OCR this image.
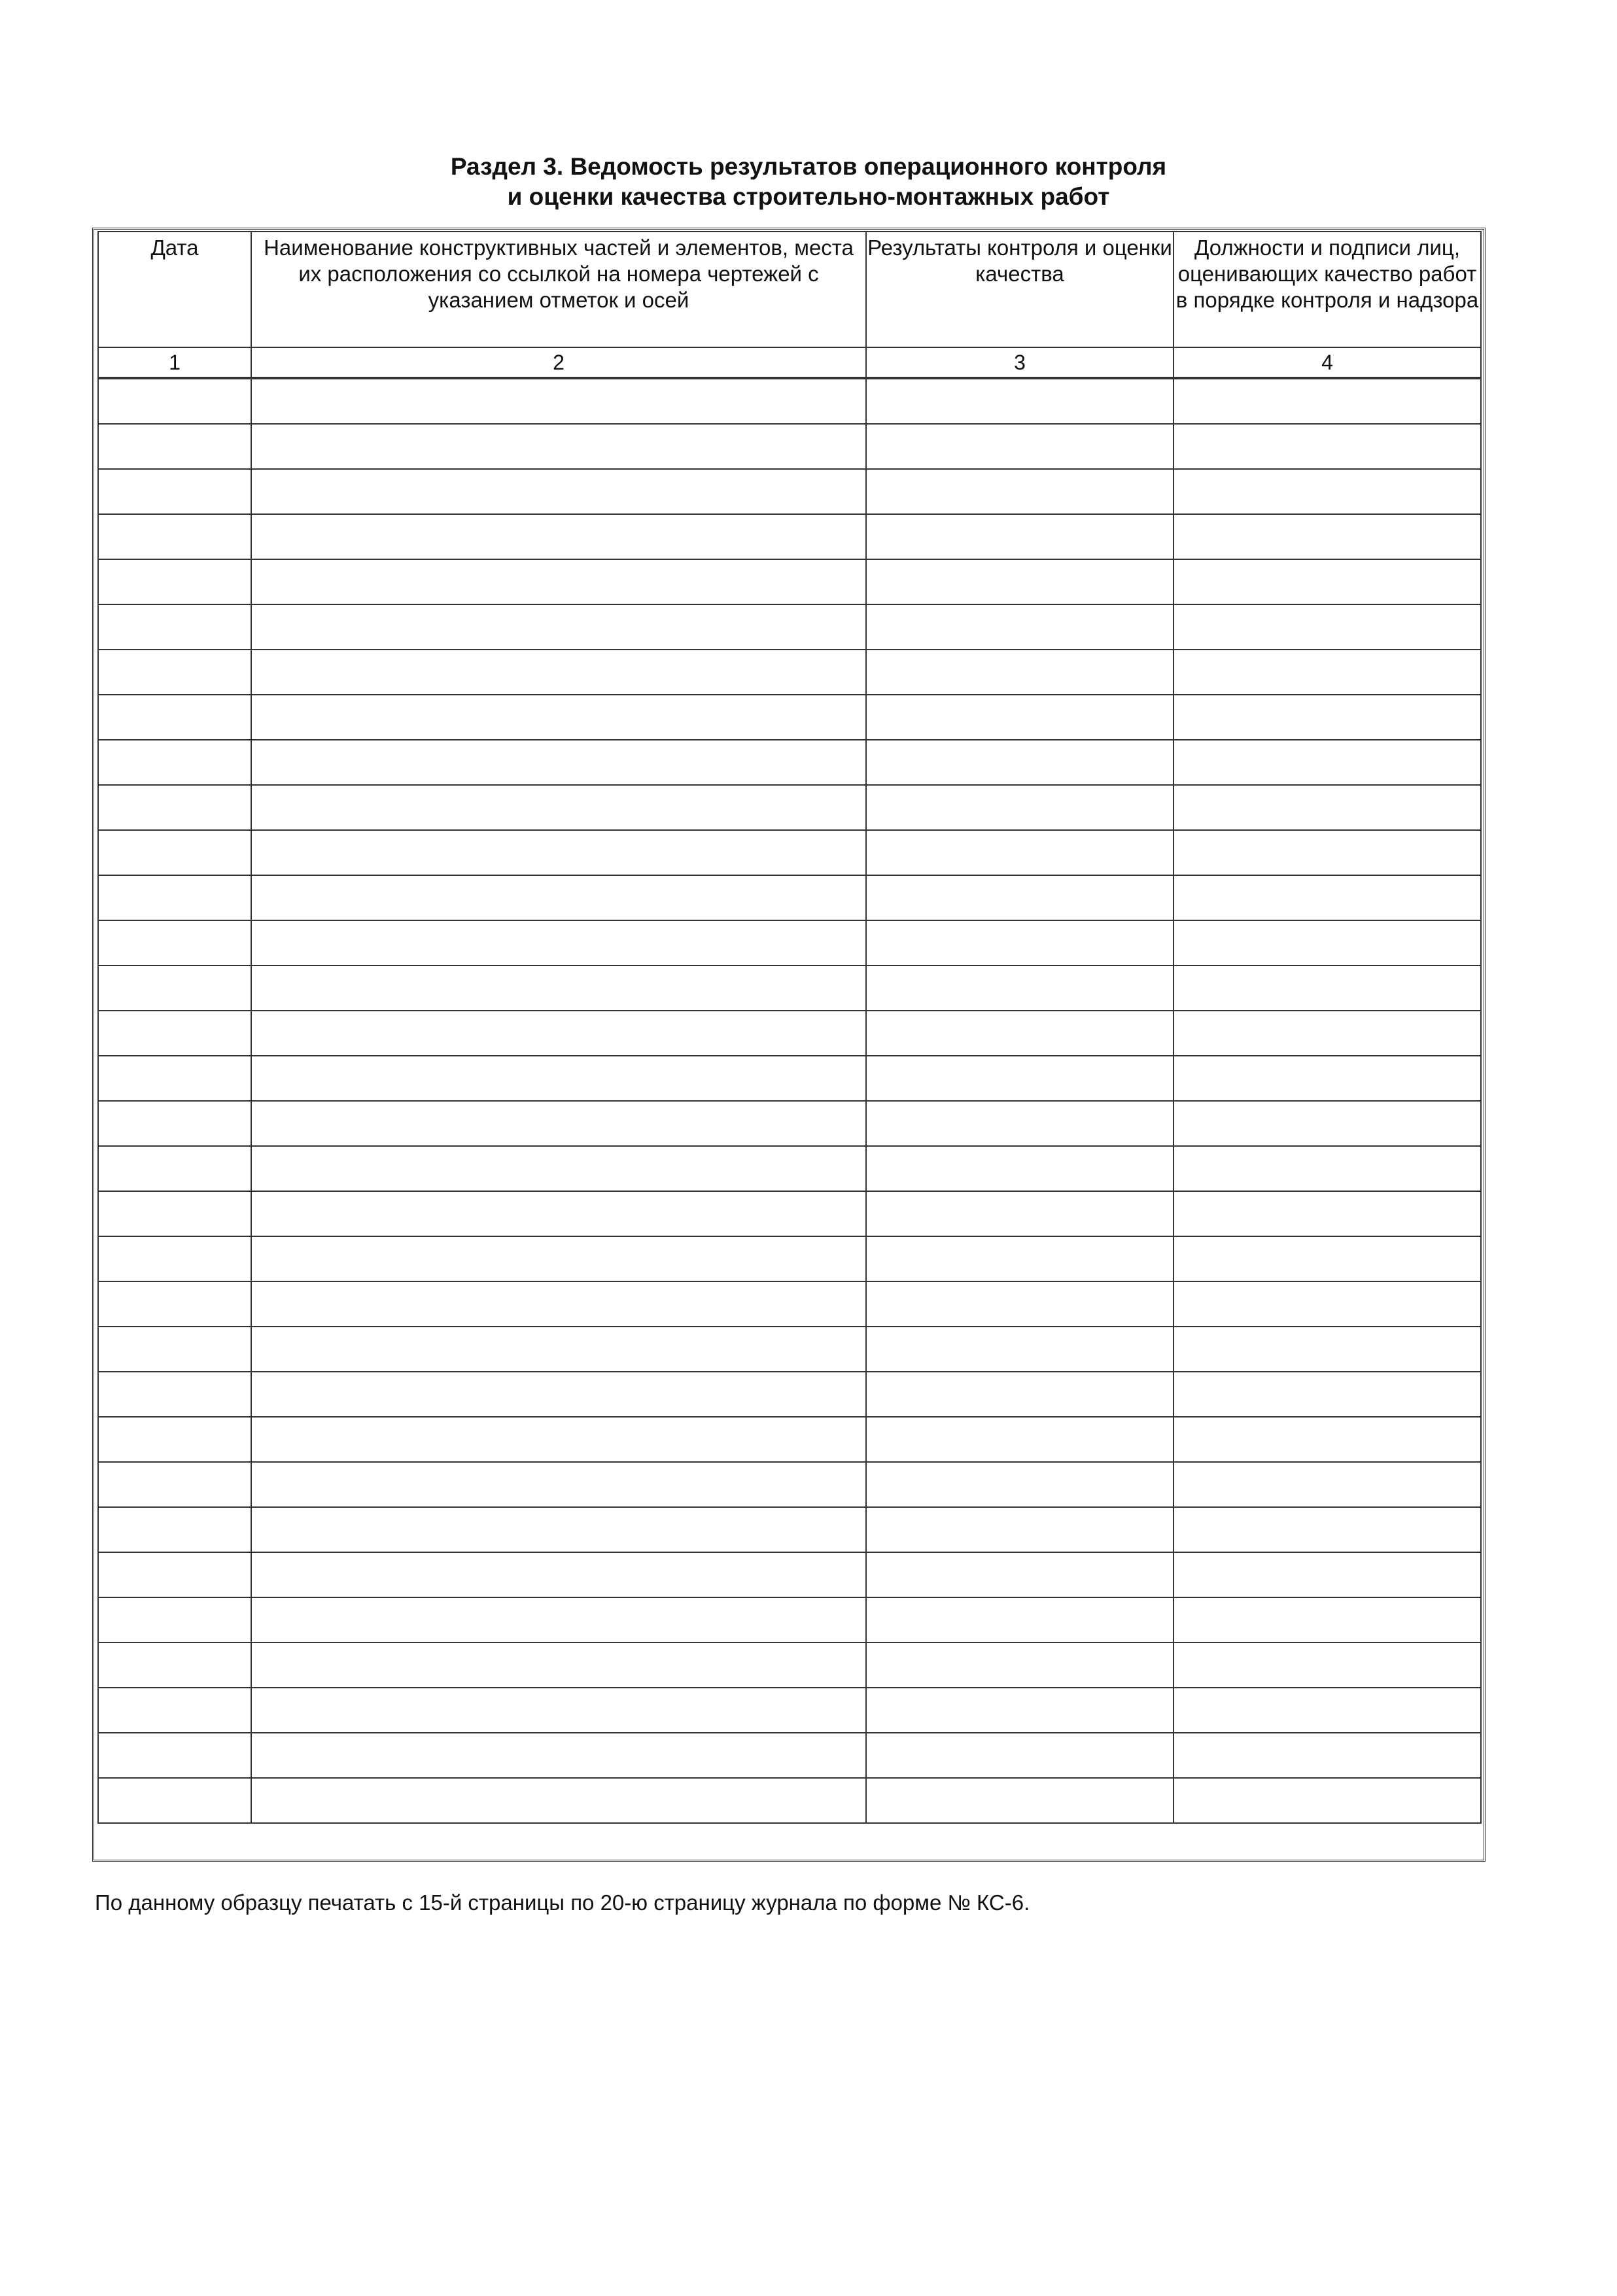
Раздел 3. Ведомость результатов операционного контроля
и оценки качества строительно-монтажных работ
Дата	Наименование конструктивных частей и элементов, места их расположения со ссылкой на номера чертежей с указанием отметок и осей	Результаты контроля и оценки качества	Должности и подписи лиц, оценивающих качество работ в порядке контроля и надзора
1	2	3	4

По данному образцу печатать с 15-й страницы по 20-ю страницу журнала по форме № КС-6.
